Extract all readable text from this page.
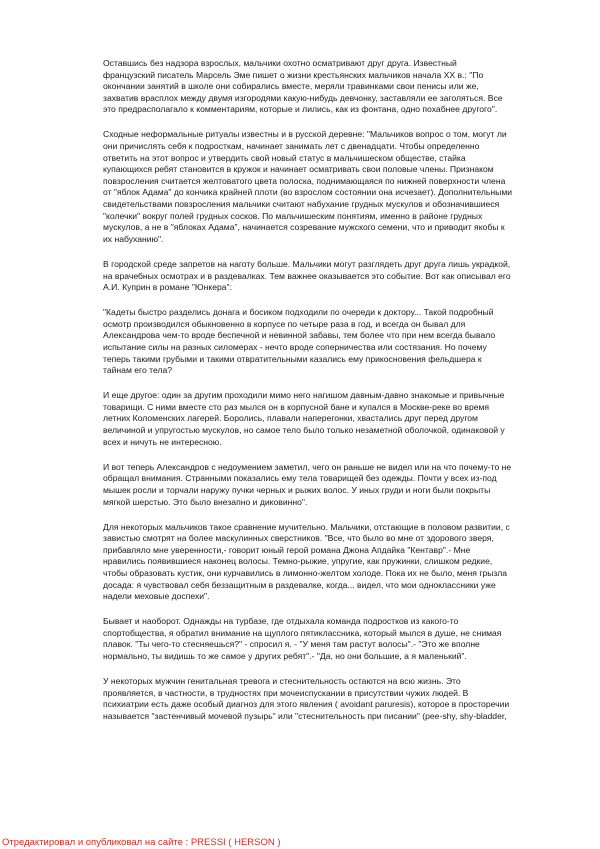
Оставшись без надзора взрослых, мальчики охотно осматривают друг друга. Известный
французский писатель Марсель Эме пишет о жизни крестьянских мальчиков начала XX в.: "По
окончании занятий в школе они собирались вместе, меряли травинками свои пенисы или же,
захватив врасплох между двумя изгородями какую-нибудь девчонку, заставляли ее заголяться. Все
это предрасполагало к комментариям, которые и лились, как из фонтана, одно похабнее другого".

Сходные неформальные ритуалы известны и в русской деревне: "Мальчиков вопрос о том, могут ли
они причислять себя к подросткам, начинает занимать лет с двенадцати. Чтобы определенно
ответить на этот вопрос и утвердить свой новый статус в мальчишеском обществе, стайка
купающихся ребят становится в кружок и начинает осматривать свои половые члены. Признаком
повзросления считается желтоватого цвета полоска, поднимающаяся по нижней поверхности члена
от "яблок Адама" до кончика крайней плоти (во взрослом состоянии она исчезает). Дополнительными
свидетельствами повзросления мальчики считают набухание грудных мускулов и обозначившиеся
"колечки" вокруг полей грудных сосков. По мальчишеским понятиям, именно в районе грудных
мускулов, а не в "яблоках Адама", начинается созревание мужского семени, что и приводит якобы к
их набуханию".

В городской среде запретов на наготу больше. Мальчики могут разглядеть друг друга лишь украдкой,
на врачебных осмотрах и в раздевалках. Тем важнее оказывается это событие. Вот как описывал его
А.И. Куприн в романе "Юнкера":

"Кадеты быстро разделись донага и босиком подходили по очереди к доктору... Такой подробный
осмотр производился обыкновенно в корпусе по четыре раза в год, и всегда он бывал для
Александрова чем-то вроде беспечной и невинной забавы, тем более что при нем всегда бывало
испытание силы на разных силомерах - нечто вроде соперничества или состязания. Но почему
теперь такими грубыми и такими отвратительными казались ему прикосновения фельдшера к
тайнам его тела?

И еще другое: один за другим проходили мимо него нагишом давным-давно знакомые и привычные
товарищи. С ними вместе сто раз мылся он в корпусной бане и купался в Москве-реке во время
летних Коломенских лагерей. Боролись, плавали наперегонки, хвастались друг перед другом
величиной и упругостью мускулов, но самое тело было только незаметной оболочкой, одинаковой у
всех и ничуть не интересною.

И вот теперь Александров с недоумением заметил, чего он раньше не видел или на что почему-то не
обращал внимания. Странными показались ему тела товарищей без одежды. Почти у всех из-под
мышек росли и торчали наружу пучки черных и рыжих волос. У иных груди и ноги были покрыты
мягкой шерстью. Это было внезапно и диковинно".

Для некоторых мальчиков такое сравнение мучительно. Мальчики, отстающие в половом развитии, с
завистью смотрят на более маскулинных сверстников. "Все, что было во мне от здорового зверя,
прибавляло мне уверенности,- говорит юный герой романа Джона Апдайка "Кентавр".- Мне
нравились появившиеся наконец волосы. Темно-рыжие, упругие, как пружинки, слишком редкие,
чтобы образовать кустик, они курчавились в лимонно-желтом холоде. Пока их не было, меня грызла
досада: я чувствовал себя беззащитным в раздевалке, когда... видел, что мои одноклассники уже
надели меховые доспехи".

Бывает и наоборот. Однажды на турбазе, где отдыхала команда подростков из какого-то
спортобщества, я обратил внимание на щуплого пятиклассника, который мылся в душе, не снимая
плавок. "Ты чего-то стесняешься?" - спросил я. - "У меня там растут волосы".- "Это же вполне
нормально, ты видишь то же самое у других ребят".- "Да, но они большие, а я маленький".

У некоторых мужчин генитальная тревога и стеснительность остаются на всю жизнь. Это
проявляется, в частности, в трудностях при мочеиспускании в присутствии чужих людей. В
психиатрии есть даже особый диагноз для этого явления ( avoidant paruresis), которое в просторечии
называется "застенчивый мочевой пузырь" или "стеснительность при писании" (pee-shy, shy-bladder,

Отредактировал и опубликовал на сайте : PRESSI ( HERSON )
